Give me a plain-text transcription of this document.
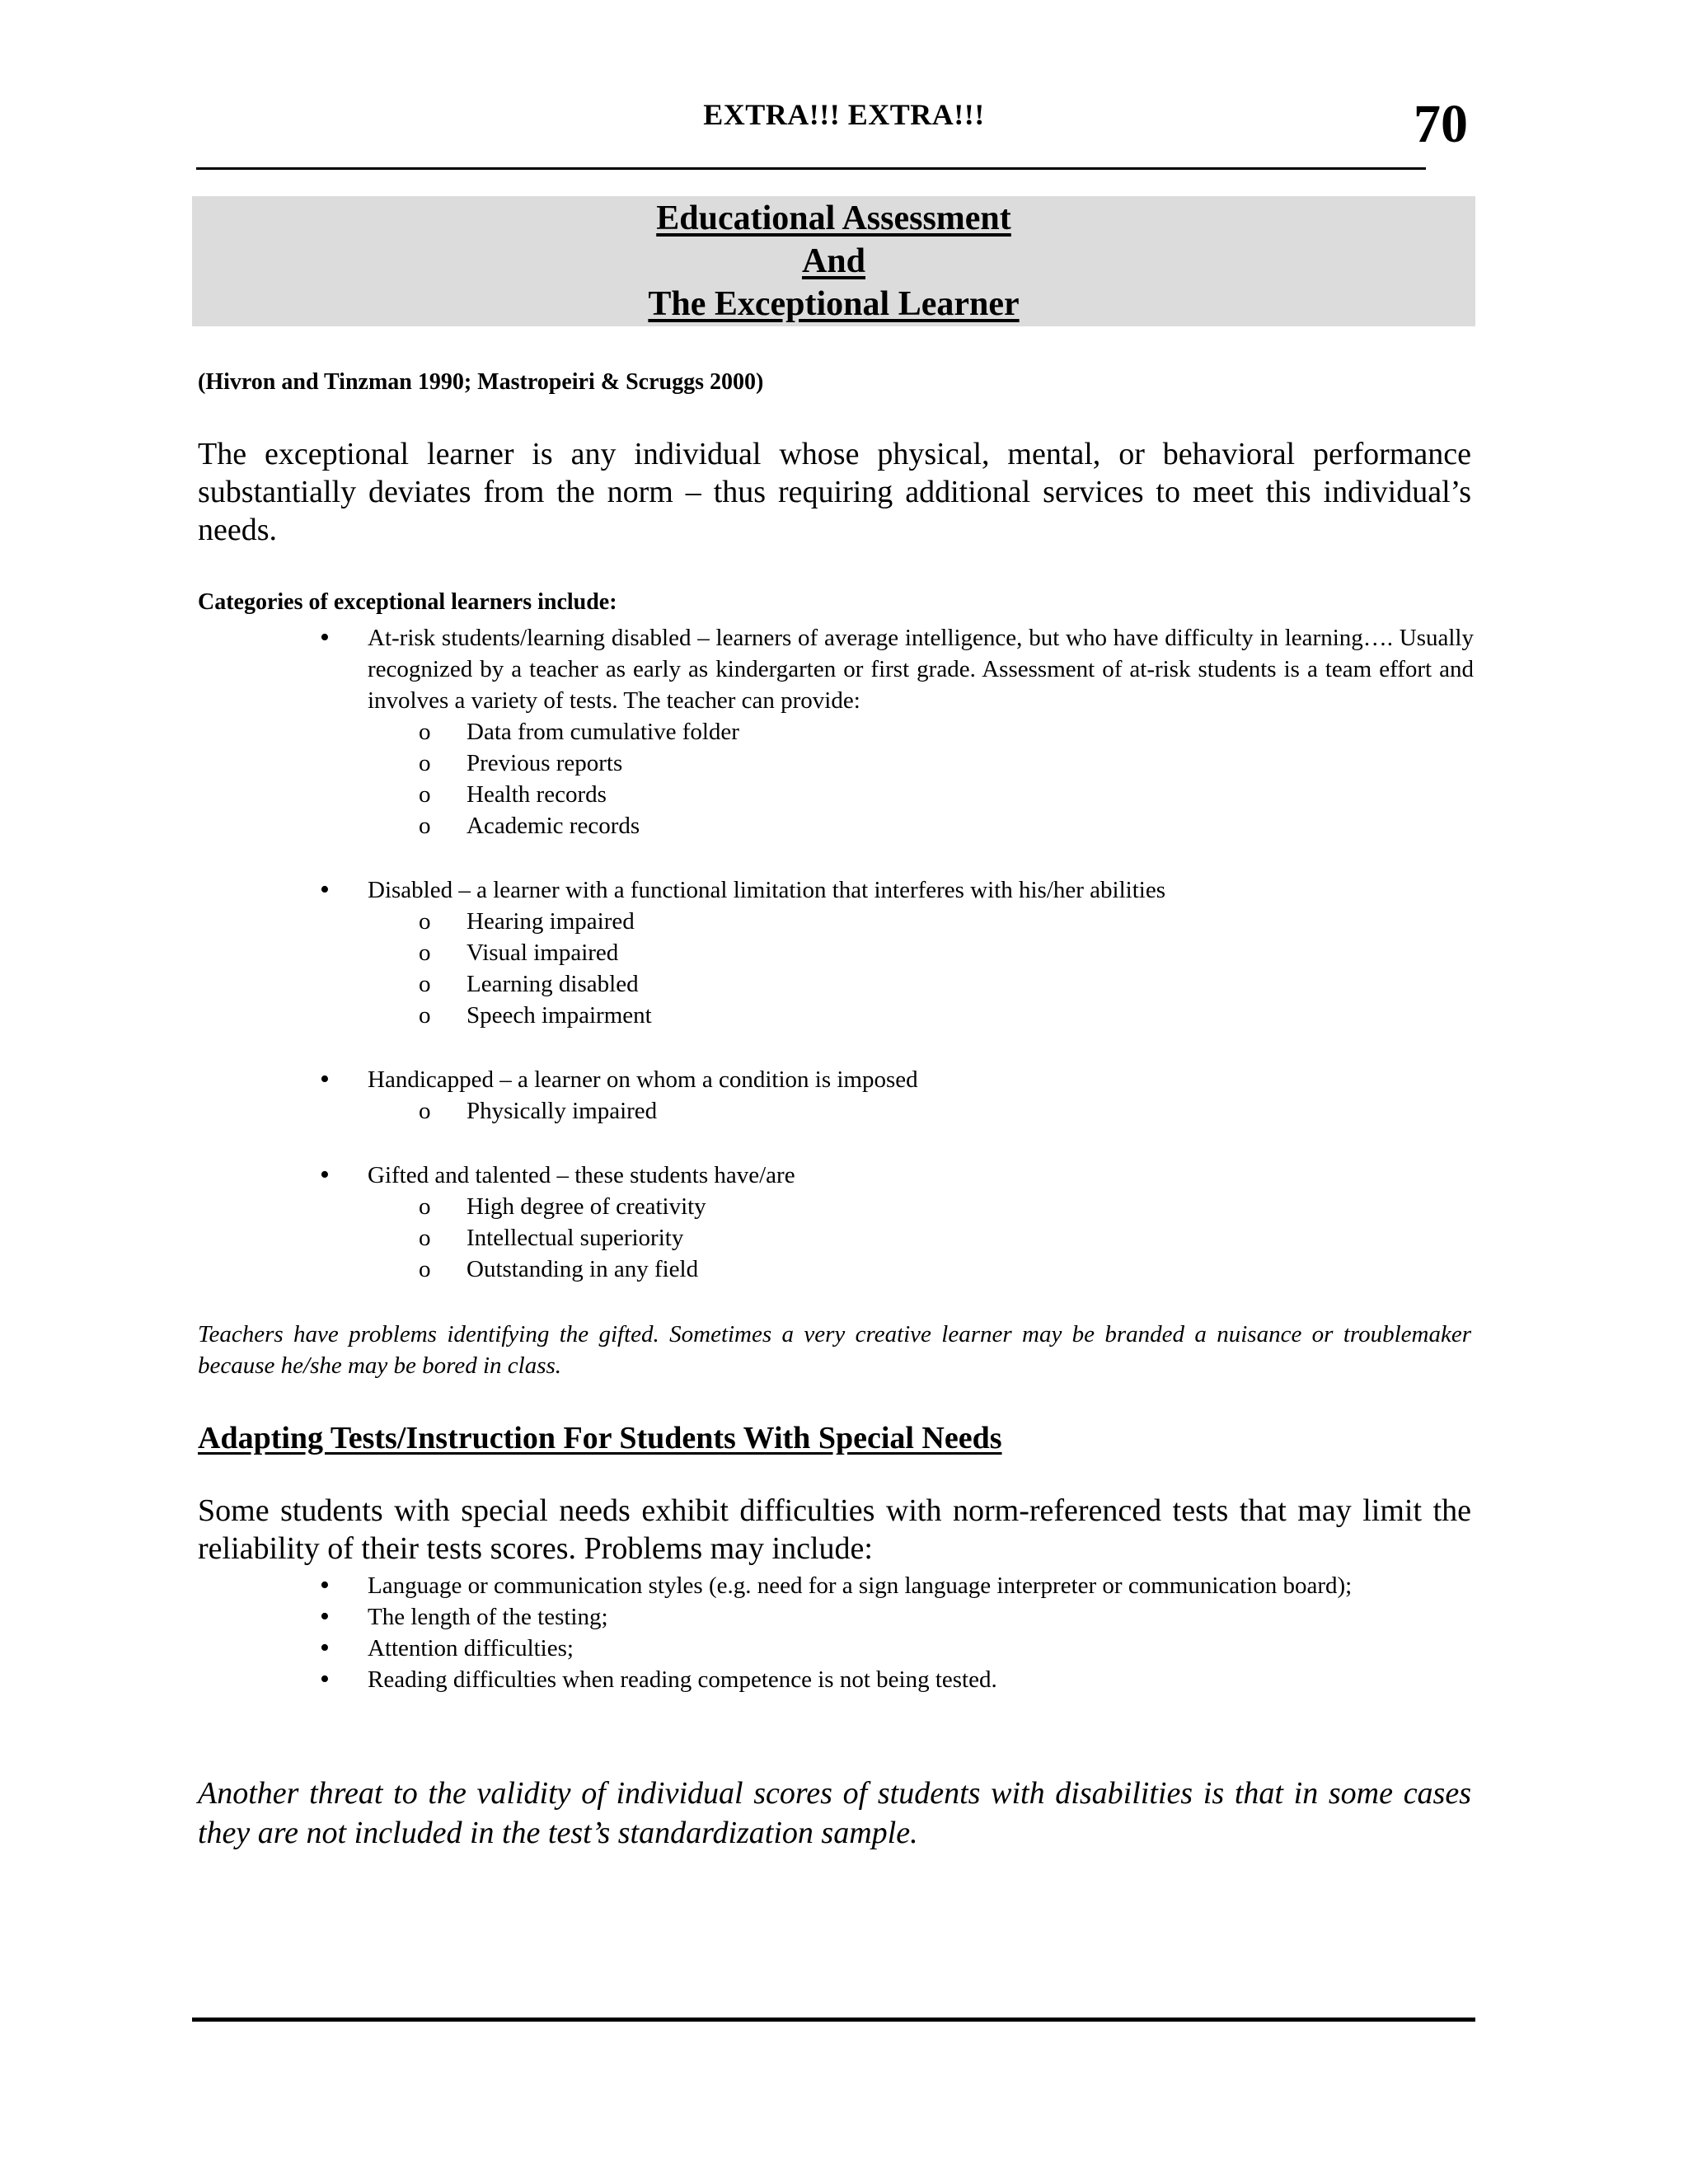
EXTRA!!! EXTRA!!!	70
Educational Assessment
And
The Exceptional Learner
(Hivron and Tinzman 1990; Mastropeiri & Scruggs 2000)
The exceptional learner is any individual whose physical, mental, or behavioral performance substantially deviates from the norm – thus requiring additional services to meet this individual’s needs.
Categories of exceptional learners include:
• At-risk students/learning disabled – learners of average intelligence, but who have difficulty in learning…. Usually recognized by a teacher as early as kindergarten or first grade. Assessment of at-risk students is a team effort and involves a variety of tests. The teacher can provide:
o Data from cumulative folder
o Previous reports
o Health records
o Academic records
• Disabled – a learner with a functional limitation that interferes with his/her abilities
o Hearing impaired
o Visual impaired
o Learning disabled
o Speech impairment
• Handicapped – a learner on whom a condition is imposed
o Physically impaired
• Gifted and talented – these students have/are
o High degree of creativity
o Intellectual superiority
o Outstanding in any field
Teachers have problems identifying the gifted. Sometimes a very creative learner may be branded a nuisance or troublemaker because he/she may be bored in class.
Adapting Tests/Instruction For Students With Special Needs
Some students with special needs exhibit difficulties with norm-referenced tests that may limit the reliability of their tests scores. Problems may include:
• Language or communication styles (e.g. need for a sign language interpreter or communication board);
• The length of the testing;
• Attention difficulties;
• Reading difficulties when reading competence is not being tested.
Another threat to the validity of individual scores of students with disabilities is that in some cases they are not included in the test’s standardization sample.
